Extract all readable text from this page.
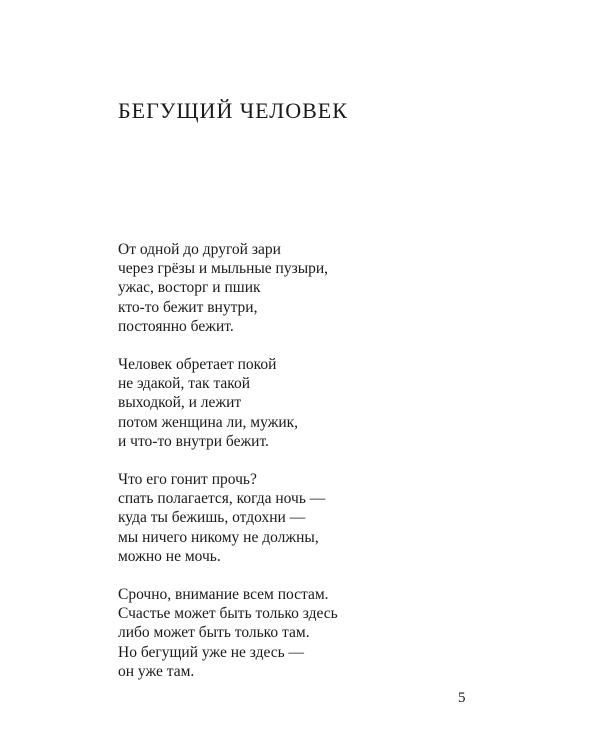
БЕГУЩИЙ ЧЕЛОВЕК

От одной до другой зари
через грёзы и мыльные пузыри,
ужас, восторг и пшик
кто-то бежит внутри,
постоянно бежит.

Человек обретает покой
не эдакой, так такой
выходкой, и лежит
потом женщина ли, мужик,
и что-то внутри бежит.

Что его гонит прочь?
спать полагается, когда ночь —
куда ты бежишь, отдохни —
мы ничего никому не должны,
можно не мочь.

Срочно, внимание всем постам.
Счастье может быть только здесь
либо может быть только там.
Но бегущий уже не здесь —
он уже там.

5
